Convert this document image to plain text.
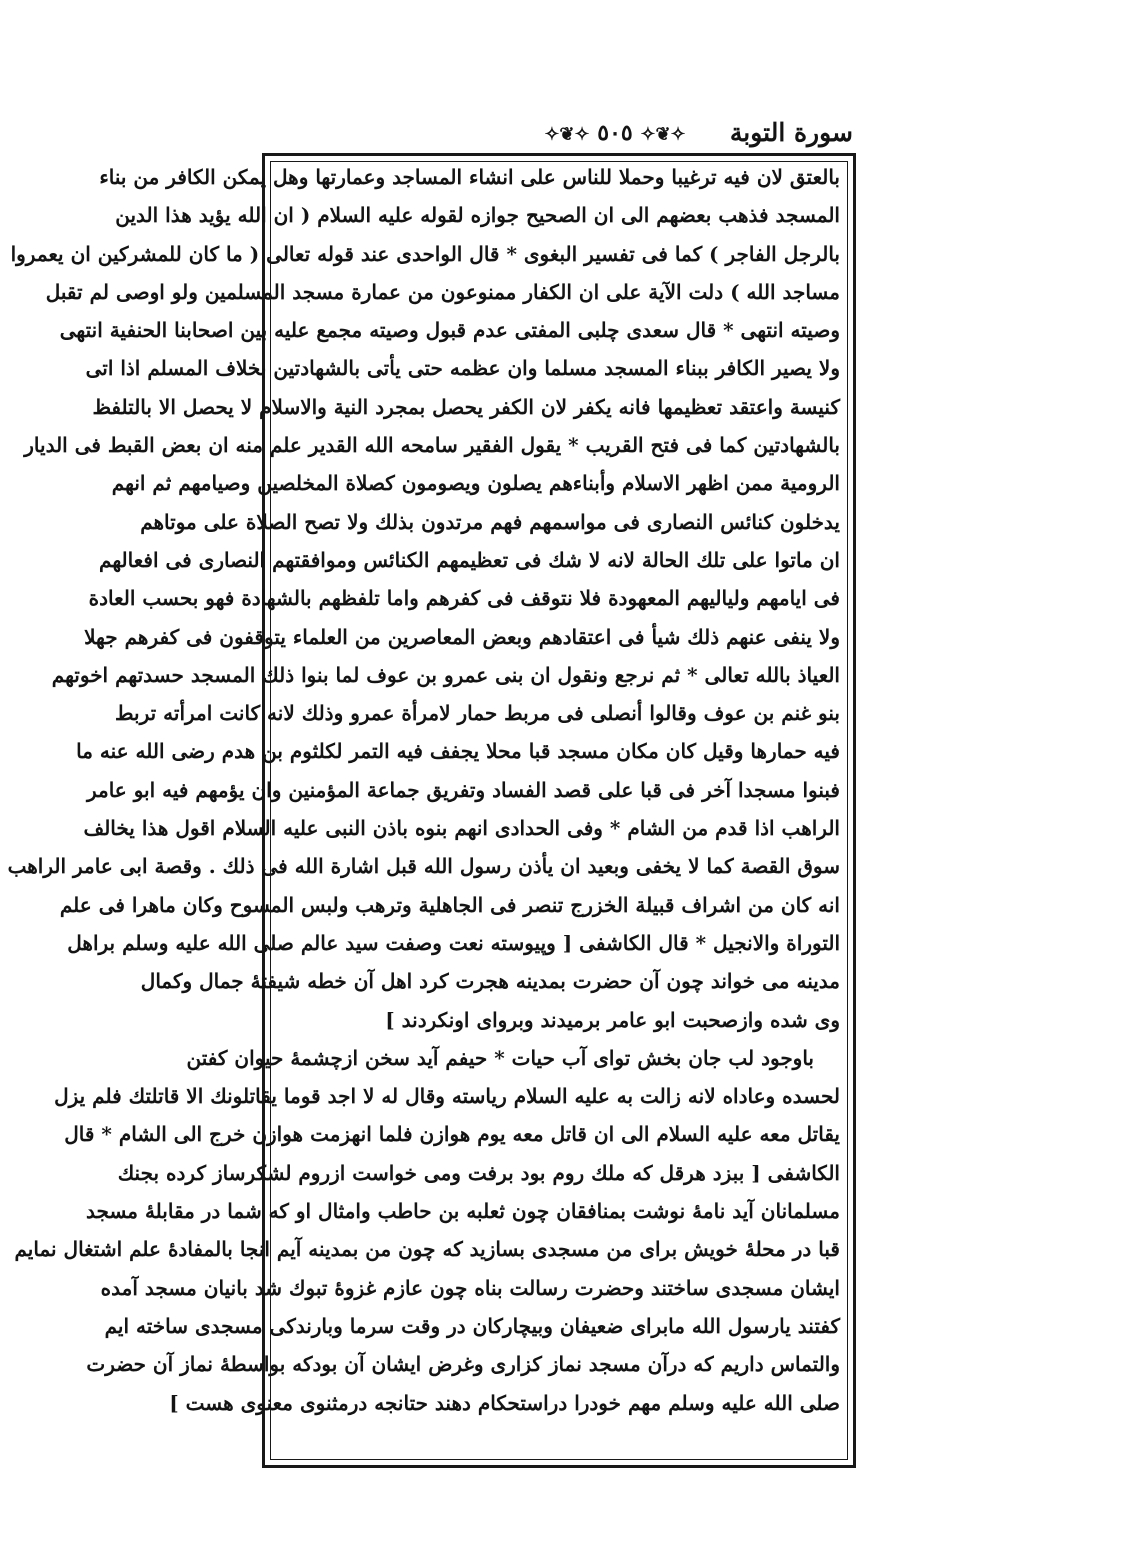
سورة التوبة
✧❦✧ ٥٠٥ ✧❦✧
بالعتق لان فيه ترغيبا وحملا للناس على انشاء المساجد وعمارتها وهل يمكن الكافر من بناء
المسجد فذهب بعضهم الى ان الصحيح جوازه لقوله عليه السلام ( ان الله يؤيد هذا الدين
بالرجل الفاجر ) كما فى تفسير البغوى * قال الواحدى عند قوله تعالى ( ما كان للمشركين ان يعمروا
مساجد الله ) دلت الآية على ان الكفار ممنوعون من عمارة مسجد المسلمين ولو اوصى لم تقبل
وصيته انتهى * قال سعدى چلبى المفتى عدم قبول وصيته مجمع عليه بين اصحابنا الحنفية انتهى
ولا يصير الكافر ببناء المسجد مسلما وان عظمه حتى يأتى بالشهادتين بخلاف المسلم اذا اتى
كنيسة واعتقد تعظيمها فانه يكفر لان الكفر يحصل بمجرد النية والاسلام لا يحصل الا بالتلفظ
بالشهادتين كما فى فتح القريب * يقول الفقير سامحه الله القدير علم منه ان بعض القبط فى الديار
الرومية ممن اظهر الاسلام وأبناءهم يصلون ويصومون كصلاة المخلصين وصيامهم ثم انهم
يدخلون كنائس النصارى فى مواسمهم فهم مرتدون بذلك ولا تصح الصلاة على موتاهم
ان ماتوا على تلك الحالة لانه لا شك فى تعظيمهم الكنائس وموافقتهم النصارى فى افعالهم
فى ايامهم ولياليهم المعهودة فلا نتوقف فى كفرهم واما تلفظهم بالشهادة فهو بحسب العادة
ولا ينفى عنهم ذلك شيأ فى اعتقادهم وبعض المعاصرين من العلماء يتوقفون فى كفرهم جهلا
العياذ بالله تعالى * ثم نرجع ونقول ان بنى عمرو بن عوف لما بنوا ذلك المسجد حسدتهم اخوتهم
بنو غنم بن عوف وقالوا أنصلى فى مربط حمار لامرأة عمرو وذلك لانه كانت امرأته تربط
فيه حمارها وقيل كان مكان مسجد قبا محلا يجفف فيه التمر لكلثوم بن هدم رضى الله عنه ما
فبنوا مسجدا آخر فى قبا على قصد الفساد وتفريق جماعة المؤمنين وان يؤمهم فيه ابو عامر
الراهب اذا قدم من الشام * وفى الحدادى انهم بنوه باذن النبى عليه السلام اقول هذا يخالف
سوق القصة كما لا يخفى وبعيد ان يأذن رسول الله قبل اشارة الله فى ذلك . وقصة ابى عامر الراهب
انه كان من اشراف قبيلة الخزرج تنصر فى الجاهلية وترهب ولبس المسوح وكان ماهرا فى علم
التوراة والانجيل * قال الكاشفى [ وپيوسته نعت وصفت سيد عالم صلى الله عليه وسلم براهل
مدينه مى خواند چون آن حضرت بمدينه هجرت كرد اهل آن خطه شيفتهٔ جمال وكمال
وى شده وازصحبت ابو عامر برميدند وبرواى اونكردند ]
باوجود لب جان بخش تواى آب حيات * حيفم آيد سخن ازچشمهٔ حيوان كفتن
لحسده وعاداه لانه زالت به عليه السلام رياسته وقال له لا اجد قوما يقاتلونك الا قاتلتك فلم يزل
يقاتل معه عليه السلام الى ان قاتل معه يوم هوازن فلما انهزمت هوازن خرج الى الشام * قال
الكاشفى [ ببزد هرقل كه ملك روم بود برفت ومى خواست ازروم لشكرساز كرده بجنك
مسلمانان آيد نامهٔ نوشت بمنافقان چون ثعلبه بن حاطب وامثال او كه شما در مقابلهٔ مسجد
قبا در محلهٔ خويش براى من مسجدى بسازيد كه چون من بمدينه آيم انجا بالمفادهٔ علم اشتغال نمايم
ايشان مسجدى ساختند وحضرت رسالت بناه چون عازم غزوهٔ تبوك شد بانيان مسجد آمده
كفتند يارسول الله مابراى ضعيفان وبيچاركان در وقت سرما وبارندكى مسجدى ساخته ايم
والتماس داريم كه درآن مسجد نماز كزارى وغرض ايشان آن بودكه بواسطهٔ نماز آن حضرت
صلى الله عليه وسلم مهم خودرا دراستحكام دهند حتانجه درمثنوى معنوى هست ]
